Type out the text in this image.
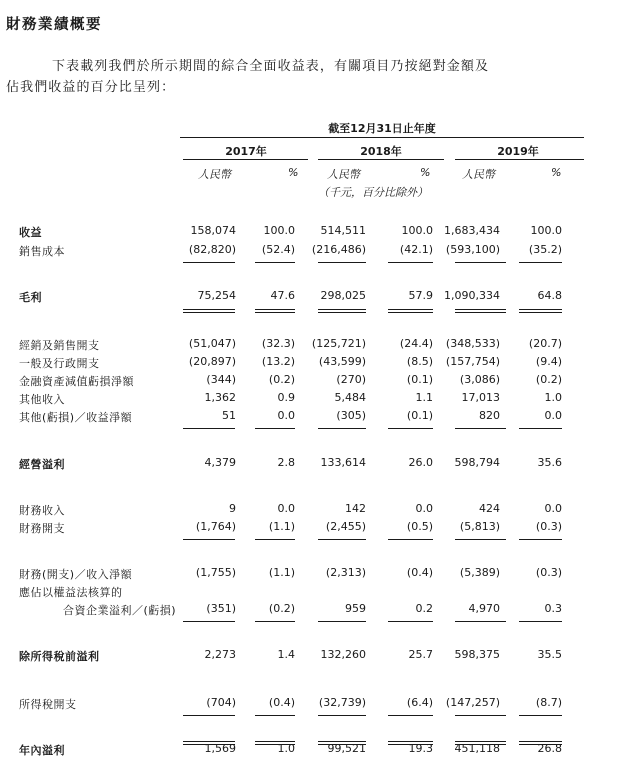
財務業績概要
下表載列我們於所示期間的綜合全面收益表，有關項目乃按絕對金額及
佔我們收益的百分比呈列：
截至12月31日止年度
2017年	2018年	2019年
人民幣	%	人民幣	%	人民幣	%
（千元，百分比除外）
收益	158,074	100.0 514,511	100.0 1,683,434	100.0
銷售成本	(82,820) (52.4) (216,486)	(42.1) (593,100)	(35.2)
毛利	75,254	47.6 298,025	57.9 1,090,334	64.8
經銷及銷售開支	(51,047) (32.3) (125,721)	(24.4) (348,533)	(20.7)
一般及行政開支	(20,897) (13.2) (43,599)	(8.5) (157,754)	(9.4)
金融資產減值虧損淨額	(344)	(0.2)	(270)	(0.1) (3,086)	(0.2)
其他收入	1,362	0.9	5,484	1.1	17,013	1.0
其他(虧損)／收益淨額	51	0.0	(305)	(0.1)	820	0.0
經營溢利	4,379	2.8 133,614	26.0 598,794	35.6
財務收入	9	0.0	142	0.0	424	0.0
財務開支	(1,764)	(1.1)	(2,455)	(0.5) (5,813)	(0.3)
財務(開支)／收入淨額	(1,755)	(1.1)	(2,313)	(0.4) (5,389)	(0.3)
應佔以權益法核算的
合資企業溢利／(虧損)	(351)	(0.2)	959	0.2	4,970	0.3
除所得稅前溢利	2,273	1.4 132,260	25.7 598,375	35.5
所得稅開支	(704)	(0.4) (32,739)	(6.4) (147,257)	(8.7)
年內溢利	1,569	1.0	99,521	19.3 451,118	26.8
